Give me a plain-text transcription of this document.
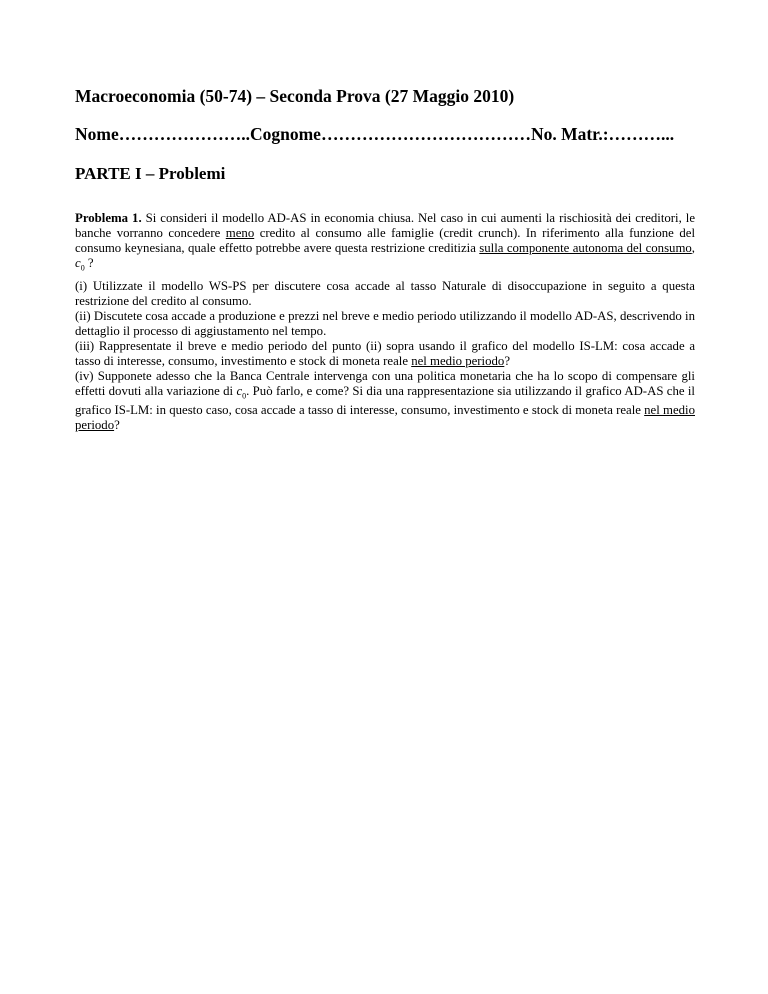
Macroeconomia (50-74) – Seconda Prova (27 Maggio 2010)
Nome…………………..Cognome………………………………No. Matr.:………...
PARTE I – Problemi

Problema 1. Si consideri il modello AD-AS in economia chiusa. Nel caso in cui aumenti la rischiosità dei creditori, le banche vorranno concedere meno credito al consumo alle famiglie (credit crunch). In riferimento alla funzione del consumo keynesiana, quale effetto potrebbe avere questa restrizione creditizia sulla componente autonoma del consumo, $c_0$ ?

(i) Utilizzate il modello WS-PS per discutere cosa accade al tasso Naturale di disoccupazione in seguito a questa restrizione del credito al consumo.

(ii) Discutete cosa accade a produzione e prezzi nel breve e medio periodo utilizzando il modello AD-AS, descrivendo in dettaglio il processo di aggiustamento nel tempo.

(iii) Rappresentate il breve e medio periodo del punto (ii) sopra usando il grafico del modello IS-LM: cosa accade a tasso di interesse, consumo, investimento e stock di moneta reale nel medio periodo?

(iv) Supponete adesso che la Banca Centrale intervenga con una politica monetaria che ha lo scopo di compensare gli effetti dovuti alla variazione di $c_0$. Può farlo, e come? Si dia una rappresentazione sia utilizzando il grafico AD-AS che il grafico IS-LM: in questo caso, cosa accade a tasso di interesse, consumo, investimento e stock di moneta reale nel medio periodo?
